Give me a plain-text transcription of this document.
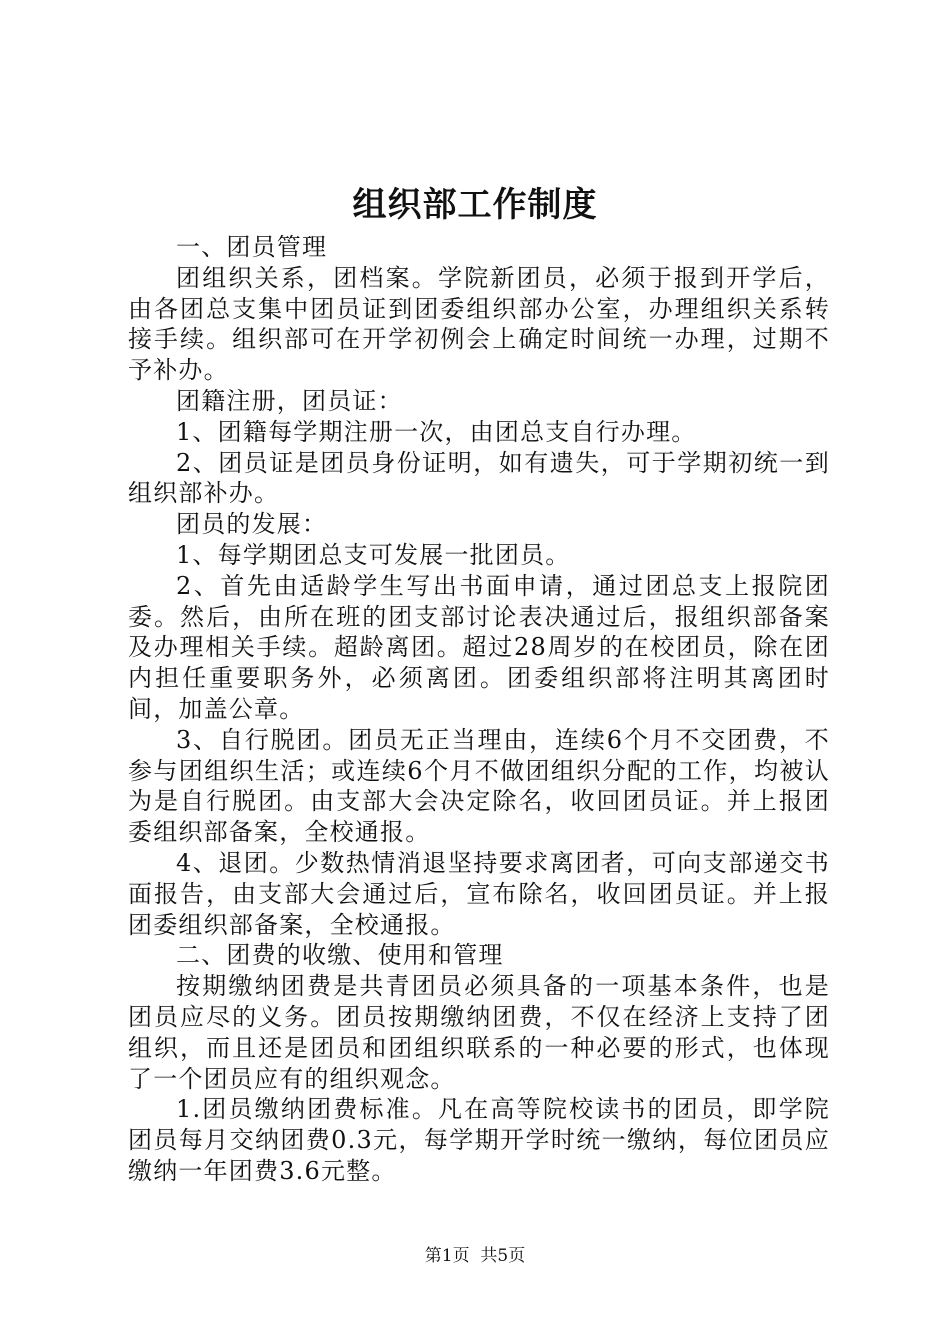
组织部工作制度

一、团员管理

团组织关系，团档案。学院新团员，必须于报到开学后，由各团总支集中团员证到团委组织部办公室，办理组织关系转接手续。组织部可在开学初例会上确定时间统一办理，过期不予补办。

团籍注册，团员证：

1、团籍每学期注册一次，由团总支自行办理。

2、团员证是团员身份证明，如有遗失，可于学期初统一到组织部补办。

团员的发展：

1、每学期团总支可发展一批团员。

2、首先由适龄学生写出书面申请，通过团总支上报院团委。然后，由所在班的团支部讨论表决通过后，报组织部备案及办理相关手续。超龄离团。超过28周岁的在校团员，除在团内担任重要职务外，必须离团。团委组织部将注明其离团时间，加盖公章。

3、自行脱团。团员无正当理由，连续6个月不交团费，不参与团组织生活；或连续6个月不做团组织分配的工作，均被认为是自行脱团。由支部大会决定除名，收回团员证。并上报团委组织部备案，全校通报。

4、退团。少数热情消退坚持要求离团者，可向支部递交书面报告，由支部大会通过后，宣布除名，收回团员证。并上报团委组织部备案，全校通报。

二、团费的收缴、使用和管理

按期缴纳团费是共青团员必须具备的一项基本条件，也是团员应尽的义务。团员按期缴纳团费，不仅在经济上支持了团组织，而且还是团员和团组织联系的一种必要的形式，也体现了一个团员应有的组织观念。

1.团员缴纳团费标准。凡在高等院校读书的团员，即学院团员每月交纳团费0.3元，每学期开学时统一缴纳，每位团员应缴纳一年团费3.6元整。

第1页 共5页
